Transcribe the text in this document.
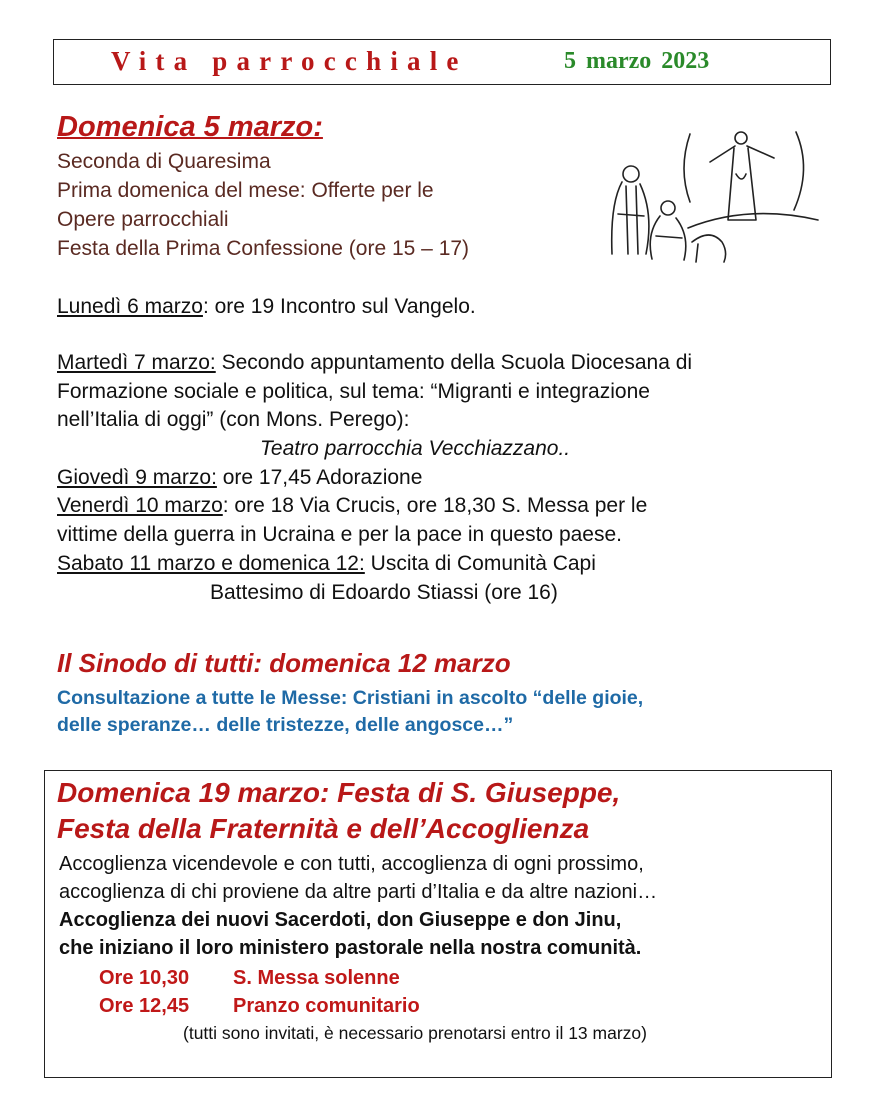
Vita parrocchiale	5 marzo 2023
Domenica 5 marzo:
Seconda di Quaresima
Prima domenica del mese: Offerte per le
Opere parrocchiali
Festa della Prima Confessione (ore 15 – 17)
Lunedì 6 marzo: ore 19 Incontro sul Vangelo.
Martedì 7 marzo: Secondo appuntamento della Scuola Diocesana di
Formazione sociale e politica, sul tema: “Migranti e integrazione
nell’Italia di oggi” (con Mons. Perego):
Teatro parrocchia Vecchiazzano..
Giovedì 9 marzo: ore 17,45 Adorazione
Venerdì 10 marzo: ore 18 Via Crucis, ore 18,30 S. Messa per le
vittime della guerra in Ucraina e per la pace in questo paese.
Sabato 11 marzo e domenica 12: Uscita di Comunità Capi
Battesimo di Edoardo Stiassi (ore 16)
Il Sinodo di tutti: domenica 12 marzo
Consultazione a tutte le Messe: Cristiani in ascolto “delle gioie,
delle speranze… delle tristezze, delle angosce…”
Domenica 19 marzo: Festa di S. Giuseppe,
Festa della Fraternità e dell’Accoglienza
Accoglienza vicendevole e con tutti, accoglienza di ogni prossimo,
accoglienza di chi proviene da altre parti d’Italia e da altre nazioni…
Accoglienza dei nuovi Sacerdoti, don Giuseppe e don Jinu,
che iniziano il loro ministero pastorale nella nostra comunità.
Ore 10,30 S. Messa solenne
Ore 12,45 Pranzo comunitario
(tutti sono invitati, è necessario prenotarsi entro il 13 marzo)
